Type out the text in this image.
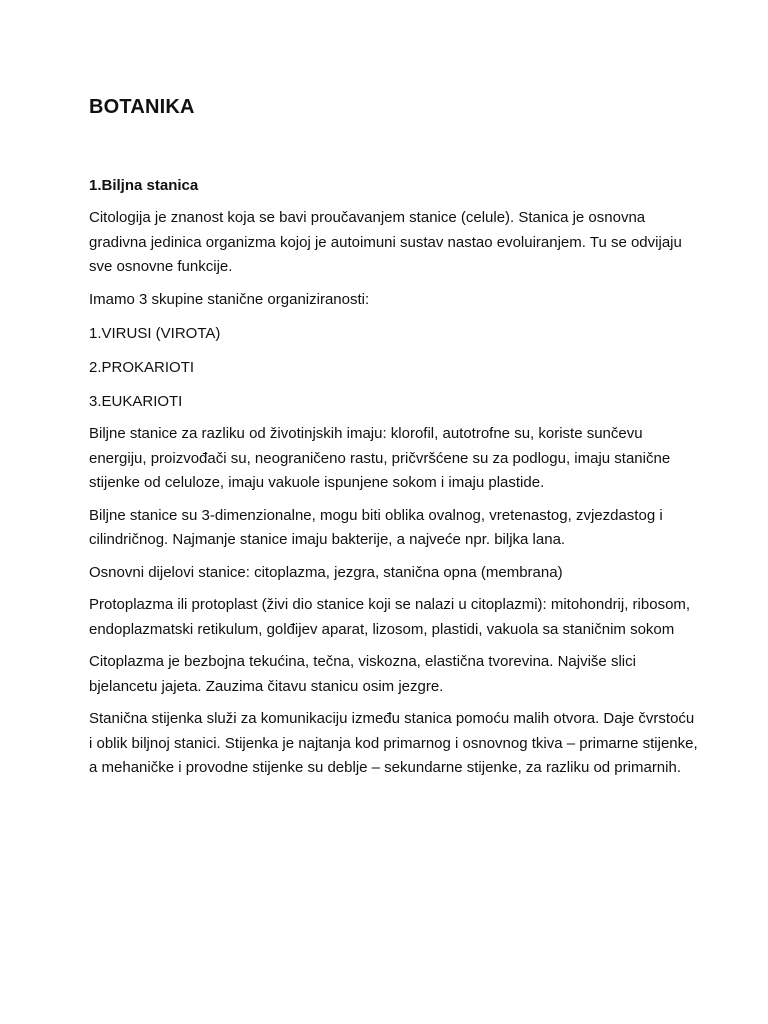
BOTANIKA
1.Biljna stanica

Citologija je znanost koja se bavi proučavanjem stanice (celule). Stanica je osnovna gradivna jedinica organizma kojoj je autoimuni sustav nastao evoluiranjem. Tu se odvijaju sve osnovne funkcije.

Imamo 3 skupine stanične organiziranosti:

1.VIRUSI (VIROTA)

2.PROKARIOTI

3.EUKARIOTI

Biljne stanice za razliku od životinjskih imaju: klorofil, autotrofne su, koriste sunčevu energiju, proizvođači su, neograničeno rastu, pričvršćene su za podlogu, imaju stanične stijenke od celuloze, imaju vakuole ispunjene sokom i imaju plastide.

Biljne stanice su 3-dimenzionalne, mogu biti oblika ovalnog, vretenastog, zvjezdastog i cilindričnog. Najmanje stanice imaju bakterije, a najveće npr. biljka lana.

Osnovni dijelovi stanice: citoplazma, jezgra, stanična opna (membrana)

Protoplazma ili protoplast (živi dio stanice koji se nalazi u citoplazmi): mitohondrij, ribosom, endoplazmatski retikulum, golđijev aparat, lizosom, plastidi, vakuola sa staničnim sokom

Citoplazma je bezbojna tekućina, tečna, viskozna, elastična tvorevina. Najviše slici bjelancetu jajeta. Zauzima čitavu stanicu osim jezgre.

Stanična stijenka služi za komunikaciju između stanica pomoću malih otvora. Daje čvrstoću i oblik biljnoj stanici. Stijenka je najtanja kod primarnog i osnovnog tkiva – primarne stijenke, a mehaničke i provodne stijenke su deblje – sekundarne stijenke, za razliku od primarnih.
